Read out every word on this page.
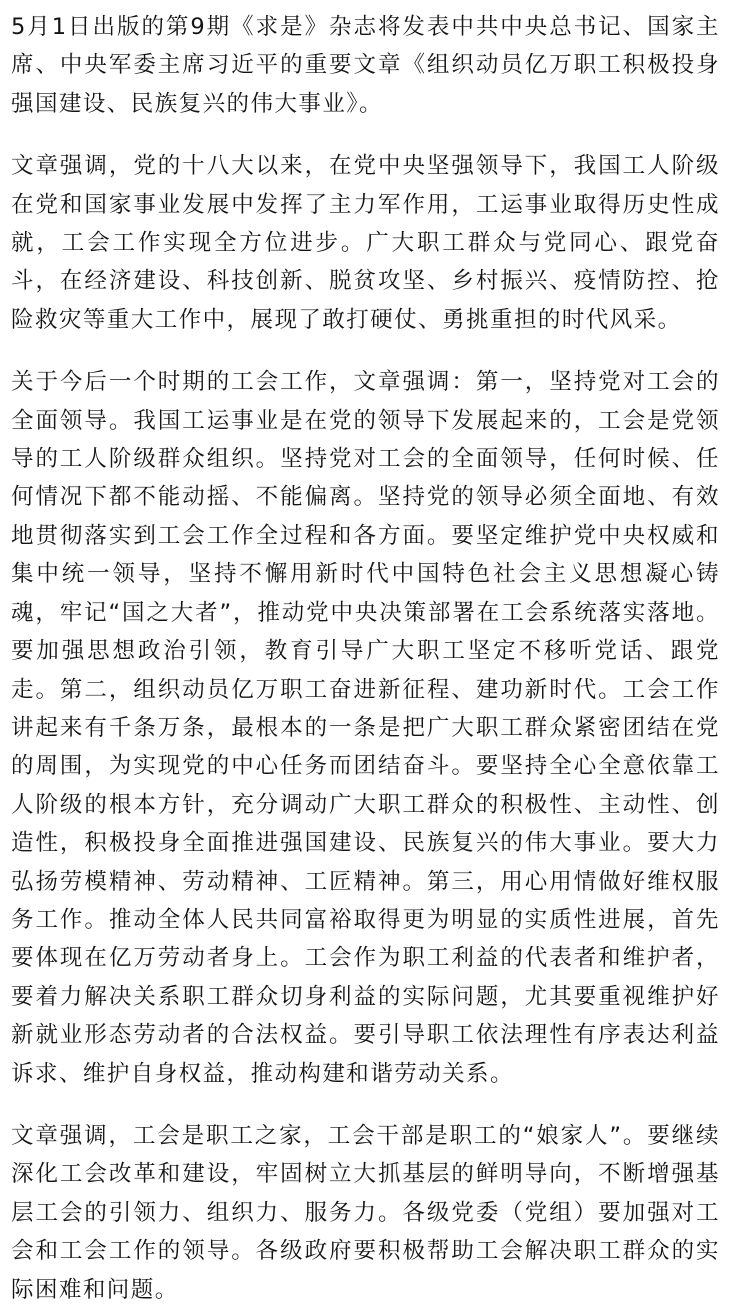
5月1日出版的第9期《求是》杂志将发表中共中央总书记、国家主席、中央军委主席习近平的重要文章《组织动员亿万职工积极投身强国建设、民族复兴的伟大事业》。

文章强调，党的十八大以来，在党中央坚强领导下，我国工人阶级在党和国家事业发展中发挥了主力军作用，工运事业取得历史性成就，工会工作实现全方位进步。广大职工群众与党同心、跟党奋斗，在经济建设、科技创新、脱贫攻坚、乡村振兴、疫情防控、抢险救灾等重大工作中，展现了敢打硬仗、勇挑重担的时代风采。

关于今后一个时期的工会工作，文章强调：第一，坚持党对工会的全面领导。我国工运事业是在党的领导下发展起来的，工会是党领导的工人阶级群众组织。坚持党对工会的全面领导，任何时候、任何情况下都不能动摇、不能偏离。坚持党的领导必须全面地、有效地贯彻落实到工会工作全过程和各方面。要坚定维护党中央权威和集中统一领导，坚持不懈用新时代中国特色社会主义思想凝心铸魂，牢记“国之大者”，推动党中央决策部署在工会系统落实落地。要加强思想政治引领，教育引导广大职工坚定不移听党话、跟党走。第二，组织动员亿万职工奋进新征程、建功新时代。工会工作讲起来有千条万条，最根本的一条是把广大职工群众紧密团结在党的周围，为实现党的中心任务而团结奋斗。要坚持全心全意依靠工人阶级的根本方针，充分调动广大职工群众的积极性、主动性、创造性，积极投身全面推进强国建设、民族复兴的伟大事业。要大力弘扬劳模精神、劳动精神、工匠精神。第三，用心用情做好维权服务工作。推动全体人民共同富裕取得更为明显的实质性进展，首先要体现在亿万劳动者身上。工会作为职工利益的代表者和维护者，要着力解决关系职工群众切身利益的实际问题，尤其要重视维护好新就业形态劳动者的合法权益。要引导职工依法理性有序表达利益诉求、维护自身权益，推动构建和谐劳动关系。

文章强调，工会是职工之家，工会干部是职工的“娘家人”。要继续深化工会改革和建设，牢固树立大抓基层的鲜明导向，不断增强基层工会的引领力、组织力、服务力。各级党委（党组）要加强对工会和工会工作的领导。各级政府要积极帮助工会解决职工群众的实际困难和问题。
